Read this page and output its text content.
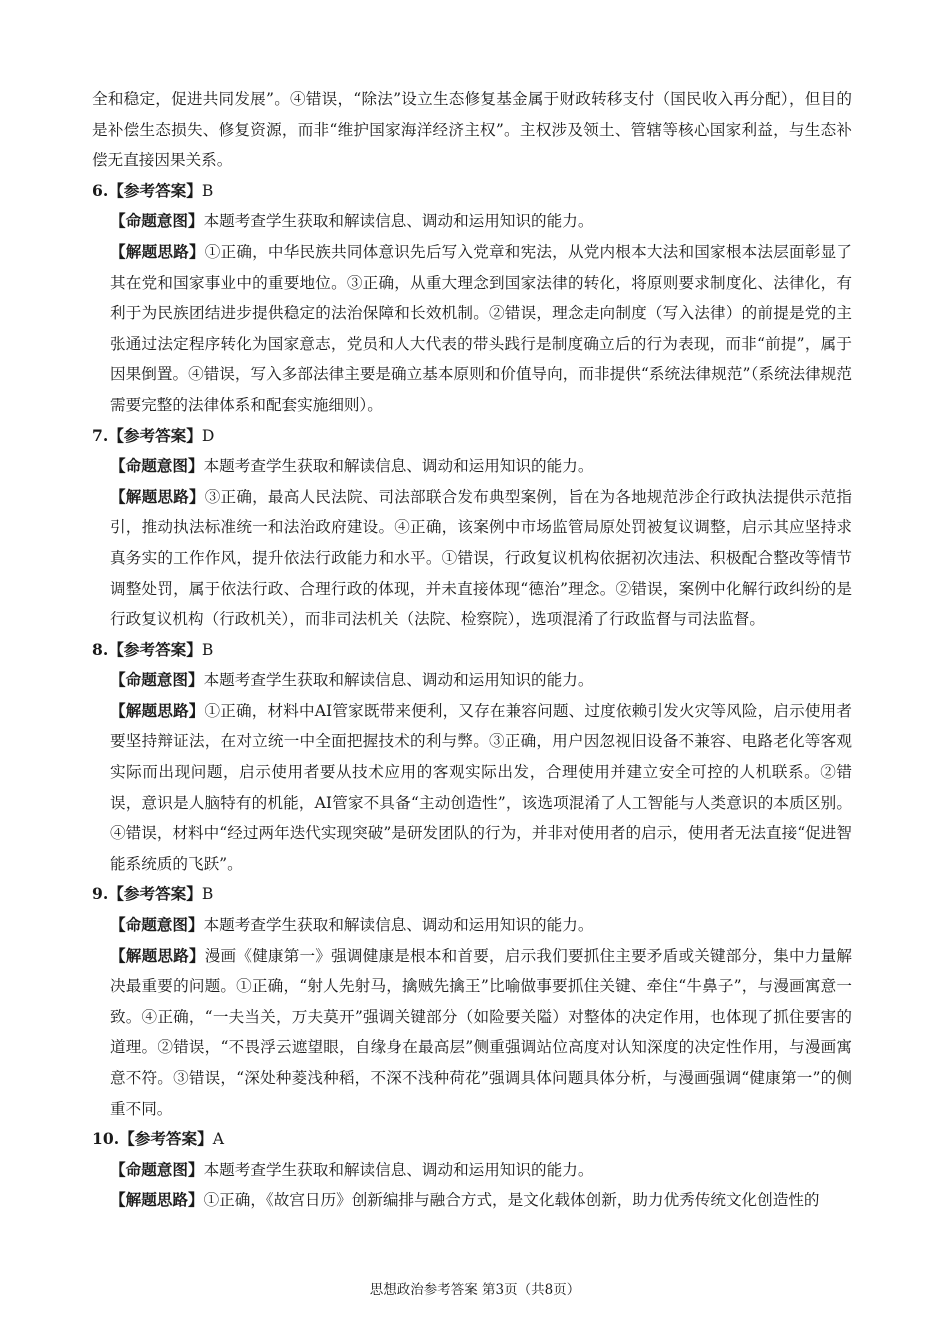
全和稳定，促进共同发展”。④错误，“除法”设立生态修复基金属于财政转移支付（国民收入再分配），但目的是补偿生态损失、修复资源，而非“维护国家海洋经济主权”。主权涉及领土、管辖等核心国家利益，与生态补偿无直接因果关系。

6.【参考答案】B

【命题意图】本题考查学生获取和解读信息、调动和运用知识的能力。

【解题思路】①正确，中华民族共同体意识先后写入党章和宪法，从党内根本大法和国家根本法层面彰显了其在党和国家事业中的重要地位。③正确，从重大理念到国家法律的转化，将原则要求制度化、法律化，有利于为民族团结进步提供稳定的法治保障和长效机制。②错误，理念走向制度（写入法律）的前提是党的主张通过法定程序转化为国家意志，党员和人大代表的带头践行是制度确立后的行为表现，而非“前提”，属于因果倒置。④错误，写入多部法律主要是确立基本原则和价值导向，而非提供“系统法律规范”（系统法律规范需要完整的法律体系和配套实施细则）。

7.【参考答案】D

【命题意图】本题考查学生获取和解读信息、调动和运用知识的能力。

【解题思路】③正确，最高人民法院、司法部联合发布典型案例，旨在为各地规范涉企行政执法提供示范指引，推动执法标准统一和法治政府建设。④正确，该案例中市场监管局原处罚被复议调整，启示其应坚持求真务实的工作作风，提升依法行政能力和水平。①错误，行政复议机构依据初次违法、积极配合整改等情节调整处罚，属于依法行政、合理行政的体现，并未直接体现“德治”理念。②错误，案例中化解行政纠纷的是行政复议机构（行政机关），而非司法机关（法院、检察院），选项混淆了行政监督与司法监督。

8.【参考答案】B

【命题意图】本题考查学生获取和解读信息、调动和运用知识的能力。

【解题思路】①正确，材料中AI管家既带来便利，又存在兼容问题、过度依赖引发火灾等风险，启示使用者要坚持辩证法，在对立统一中全面把握技术的利与弊。③正确，用户因忽视旧设备不兼容、电路老化等客观实际而出现问题，启示使用者要从技术应用的客观实际出发，合理使用并建立安全可控的人机联系。②错误，意识是人脑特有的机能，AI管家不具备“主动创造性”，该选项混淆了人工智能与人类意识的本质区别。④错误，材料中“经过两年迭代实现突破”是研发团队的行为，并非对使用者的启示，使用者无法直接“促进智能系统质的飞跃”。

9.【参考答案】B

【命题意图】本题考查学生获取和解读信息、调动和运用知识的能力。

【解题思路】漫画《健康第一》强调健康是根本和首要，启示我们要抓住主要矛盾或关键部分，集中力量解决最重要的问题。①正确，“射人先射马，擒贼先擒王”比喻做事要抓住关键、牵住“牛鼻子”，与漫画寓意一致。④正确，“一夫当关，万夫莫开”强调关键部分（如险要关隘）对整体的决定作用，也体现了抓住要害的道理。②错误，“不畏浮云遮望眼，自缘身在最高层”侧重强调站位高度对认知深度的决定性作用，与漫画寓意不符。③错误，“深处种菱浅种稻，不深不浅种荷花”强调具体问题具体分析，与漫画强调“健康第一”的侧重不同。

10.【参考答案】A

【命题意图】本题考查学生获取和解读信息、调动和运用知识的能力。

【解题思路】①正确，《故宫日历》创新编排与融合方式，是文化载体创新，助力优秀传统文化创造性的

思想政治参考答案 第3页（共8页）
